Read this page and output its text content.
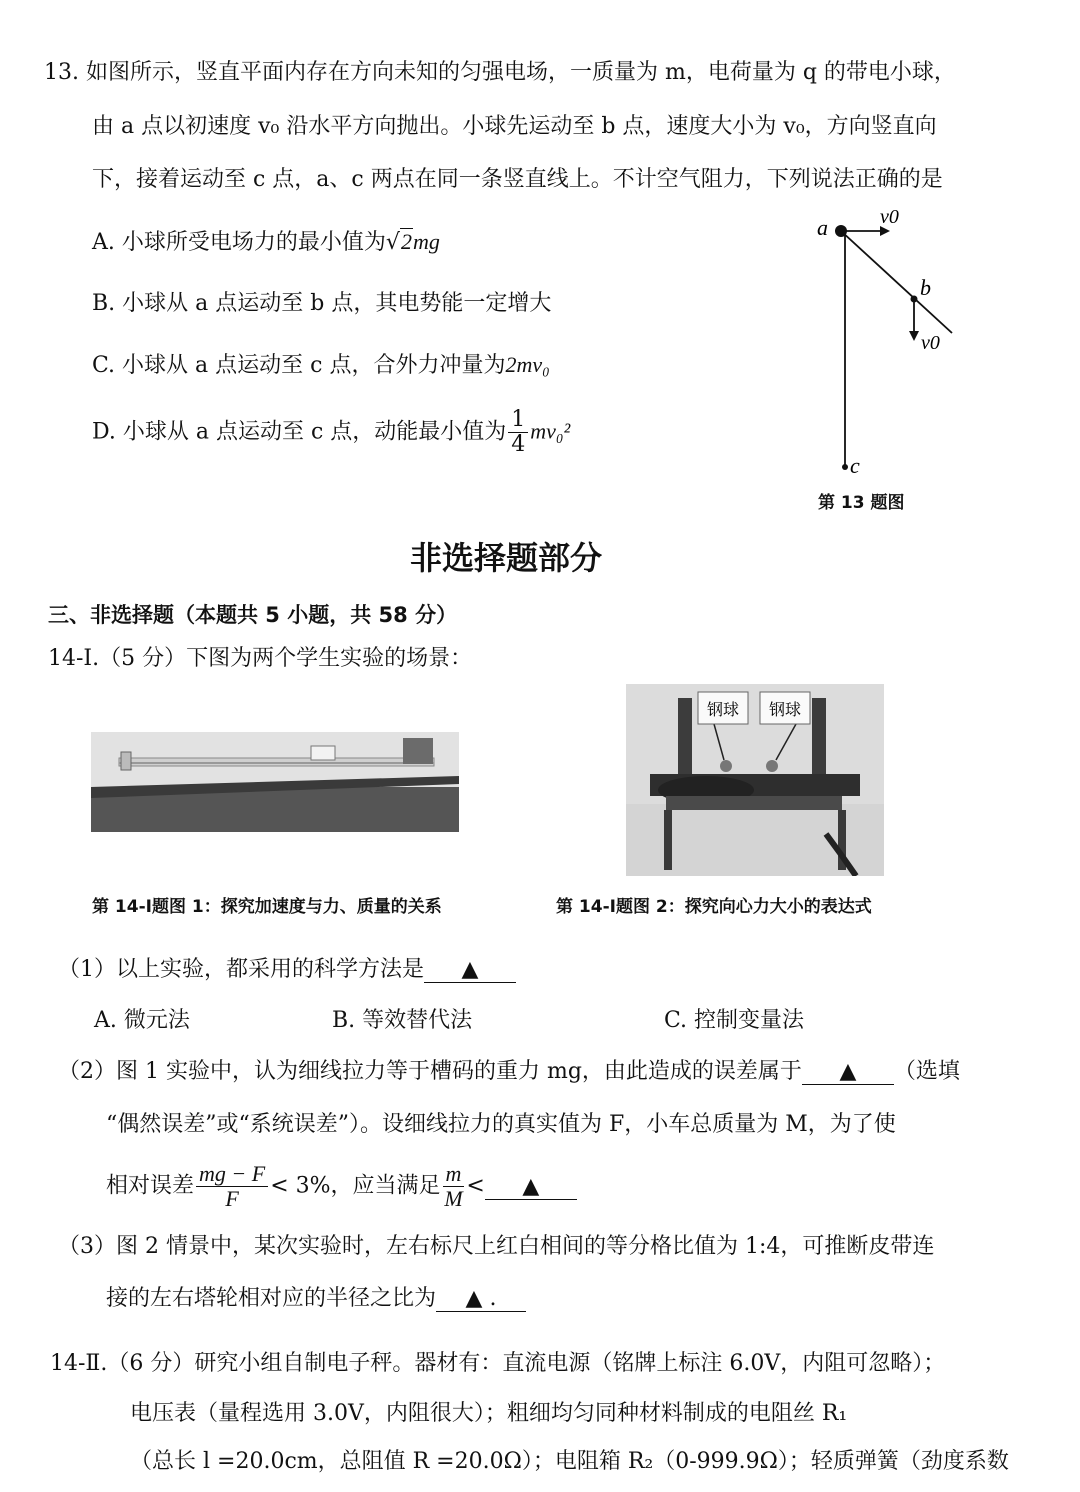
13. 如图所示，竖直平面内存在方向未知的匀强电场，一质量为 m，电荷量为 q 的带电小球，
由 a 点以初速度 v₀ 沿水平方向抛出。小球先运动至 b 点，速度大小为 v₀，方向竖直向
下，接着运动至 c 点，a、c 两点在同一条竖直线上。不计空气阻力，下列说法正确的是
A. 小球所受电场力的最小值为√2mg
B. 小球从 a 点运动至 b 点，其电势能一定增大
C. 小球从 a 点运动至 c 点，合外力冲量为2mv₀
D. 小球从 a 点运动至 c 点，动能最小值为 $\frac{1}{4} mv_0^2$
a	v0
b
v0
c
第 13 题图
非选择题部分
三、非选择题（本题共 5 小题，共 58 分）
14-Ⅰ.（5 分）下图为两个学生实验的场景：
钢球 钢球
第 14-Ⅰ题图 1：探究加速度与力、质量的关系	第 14-Ⅰ题图 2：探究向心力大小的表达式
（1）以上实验，都采用的科学方法是 ▲
A. 微元法	B. 等效替代法	C. 控制变量法
（2）图 1 实验中，认为细线拉力等于槽码的重力 mg，由此造成的误差属于 ▲ （选填
“偶然误差”或“系统误差”）。设细线拉力的真实值为 F，小车总质量为 M，为了使
相对误差 $\frac{mg - F}{F} < 3\%$，应当满足 $\frac{m}{M}$ < ▲
（3）图 2 情景中，某次实验时，左右标尺上红白相间的等分格比值为 1:4，可推断皮带连
接的左右塔轮相对应的半径之比为 ▲ .
14-Ⅱ.（6 分）研究小组自制电子秤。器材有：直流电源（铭牌上标注 6.0V，内阻可忽略）；
电压表（量程选用 3.0V，内阻很大）；粗细均匀同种材料制成的电阻丝 R₁
（总长 l =20.0cm，总阻值 R =20.0Ω）；电阻箱 R₂（0-999.9Ω）；轻质弹簧（劲度系数
